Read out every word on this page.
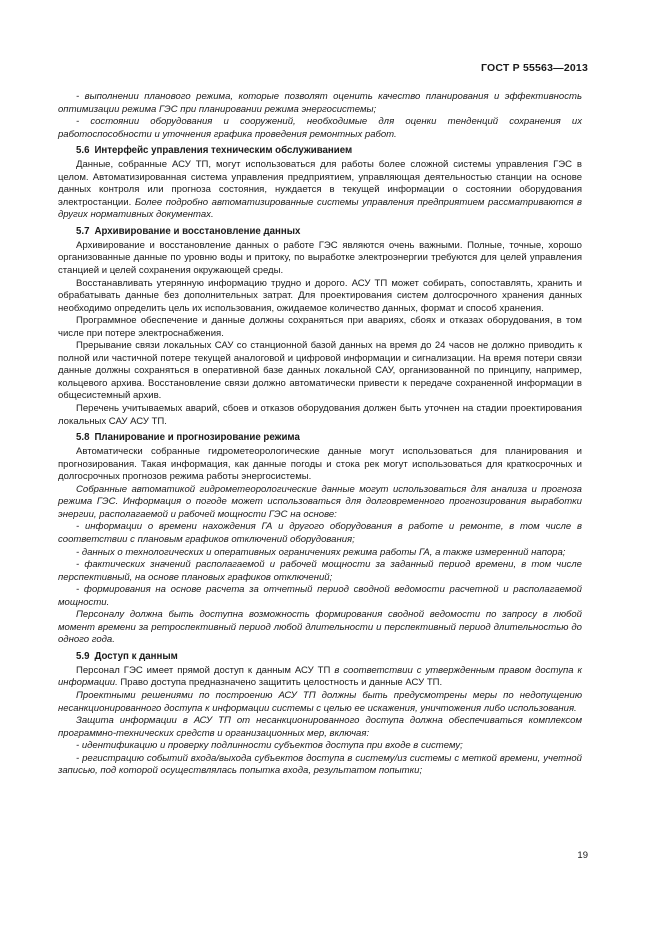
ГОСТ Р 55563—2013

- выполнении планового режима, которые позволят оценить качество планирования и эффективность оптимизации режима ГЭС при планировании режима энергосистемы;

- состоянии оборудования и сооружений, необходимые для оценки тенденций сохранения их работоспособности и уточнения графика проведения ремонтных работ.

5.6 Интерфейс управления техническим обслуживанием

Данные, собранные АСУ ТП, могут использоваться для работы более сложной системы управления ГЭС в целом. Автоматизированная система управления предприятием, управляющая деятельностью станции на основе данных контроля или прогноза состояния, нуждается в текущей информации о состоянии оборудования электростанции. Более подробно автоматизированные системы управления предприятием рассматриваются в других нормативных документах.

5.7 Архивирование и восстановление данных

Архивирование и восстановление данных о работе ГЭС являются очень важными. Полные, точные, хорошо организованные данные по уровню воды и притоку, по выработке электроэнергии требуются для целей управления станцией и целей сохранения окружающей среды.

Восстанавливать утерянную информацию трудно и дорого. АСУ ТП может собирать, сопоставлять, хранить и обрабатывать данные без дополнительных затрат. Для проектирования систем долгосрочного хранения данных необходимо определить цель их использования, ожидаемое количество данных, формат и способ хранения.

Программное обеспечение и данные должны сохраняться при авариях, сбоях и отказах оборудования, в том числе при потере электроснабжения.

Прерывание связи локальных САУ со станционной базой данных на время до 24 часов не должно приводить к полной или частичной потере текущей аналоговой и цифровой информации и сигнализации. На время потери связи данные должны сохраняться в оперативной базе данных локальной САУ, организованной по принципу, например, кольцевого архива. Восстановление связи должно автоматически привести к передаче сохраненной информации в общесистемный архив.

Перечень учитываемых аварий, сбоев и отказов оборудования должен быть уточнен на стадии проектирования локальных САУ АСУ ТП.

5.8 Планирование и прогнозирование режима

Автоматически собранные гидрометеорологические данные могут использоваться для планирования и прогнозирования. Такая информация, как данные погоды и стока рек могут использоваться для краткосрочных и долгосрочных прогнозов режима работы энергосистемы.

Собранные автоматикой гидрометеорологические данные могут использоваться для анализа и прогноза режима ГЭС. Информация о погоде может использоваться для долговременного прогнозирования выработки энергии, располагаемой и рабочей мощности ГЭС на основе:

- информации о времени нахождения ГА и другого оборудования в работе и ремонте, в том числе в соответствии с плановым графиков отключений оборудования;

- данных о технологических и оперативных ограничениях режима работы ГА, а также измеренний напора;

- фактических значений располагаемой и рабочей мощности за заданный период времени, в том числе перспективный, на основе плановых графиков отключений;

- формирования на основе расчета за отчетный период сводной ведомости расчетной и располагаемой мощности.

Персоналу должна быть доступна возможность формирования сводной ведомости по запросу в любой момент времени за ретроспективный период любой длительности и перспективный период длительностью до одного года.

5.9 Доступ к данным

Персонал ГЭС имеет прямой доступ к данным АСУ ТП в соответствии с утвержденным правом доступа к информации. Право доступа предназначено защитить целостность и данные АСУ ТП.

Проектными решениями по построению АСУ ТП должны быть предусмотрены меры по недопущению несанкционированного доступа к информации системы с целью ее искажения, уничтожения либо использования.

Защита информации в АСУ ТП от несанкционированного доступа должна обеспечиваться комплексом программно-технических средств и организационных мер, включая:

- идентификацию и проверку подлинности субъектов доступа при входе в систему;

- регистрацию событий входа/выхода субъектов доступа в систему/из системы с меткой времени, учетной записью, под которой осуществлялась попытка входа, результатом попытки;

19
